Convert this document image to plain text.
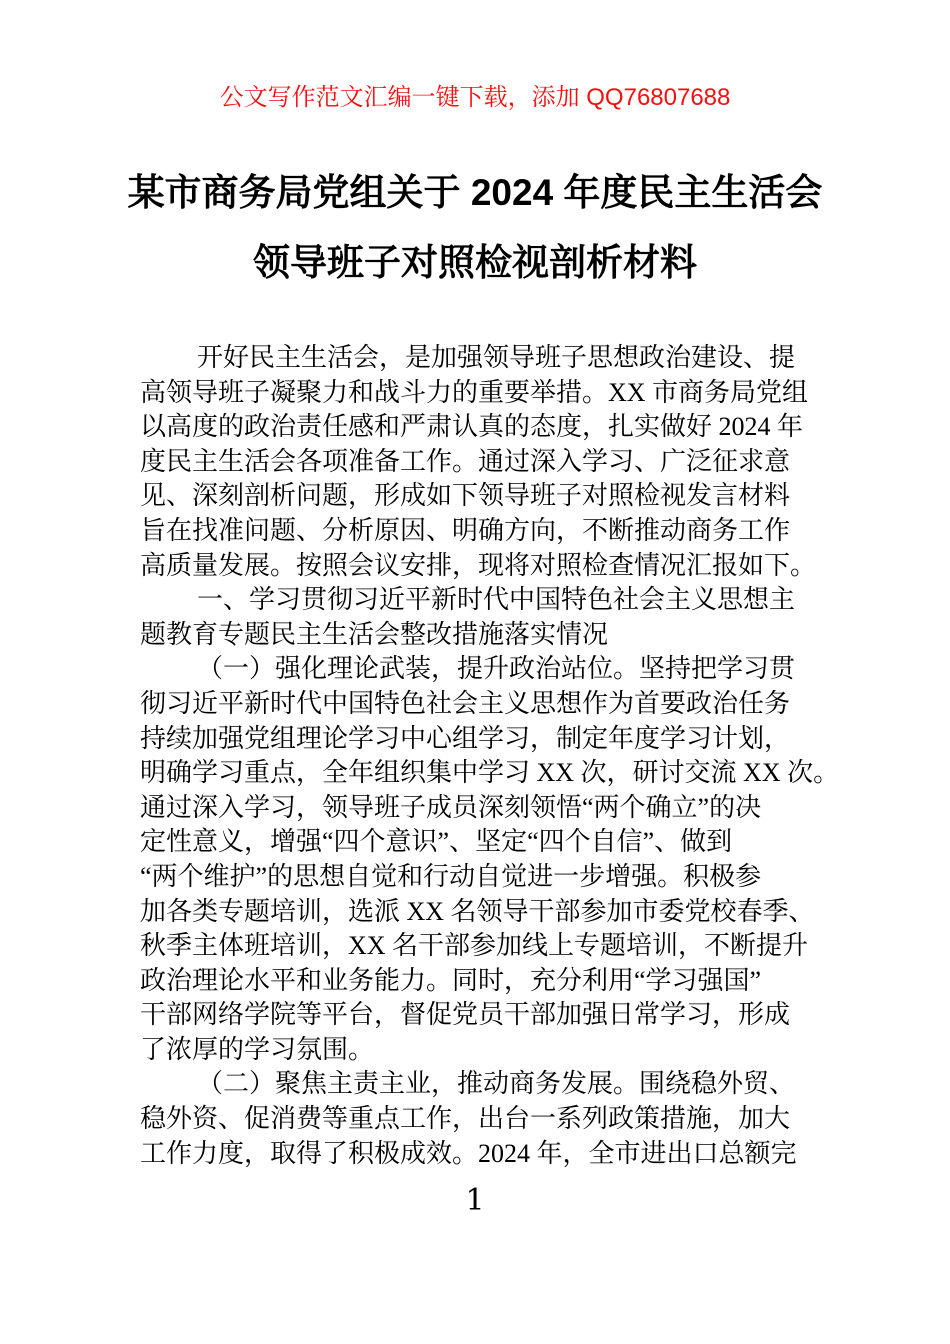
公文写作范文汇编一键下载，添加 QQ76807688
某市商务局党组关于 2024 年度民主生活会
领导班子对照检视剖析材料
开好民主生活会，是加强领导班子思想政治建设、提
高领导班子凝聚力和战斗力的重要举措。XX 市商务局党组
以高度的政治责任感和严肃认真的态度，扎实做好 2024 年
度民主生活会各项准备工作。通过深入学习、广泛征求意
见、深刻剖析问题，形成如下领导班子对照检视发言材料
旨在找准问题、分析原因、明确方向，不断推动商务工作
高质量发展。按照会议安排，现将对照检查情况汇报如下。
一、学习贯彻习近平新时代中国特色社会主义思想主
题教育专题民主生活会整改措施落实情况
（一）强化理论武装，提升政治站位。坚持把学习贯
彻习近平新时代中国特色社会主义思想作为首要政治任务
持续加强党组理论学习中心组学习，制定年度学习计划，
明确学习重点，全年组织集中学习 XX 次，研讨交流 XX 次。
通过深入学习，领导班子成员深刻领悟“两个确立”的决
定性意义，增强“四个意识”、坚定“四个自信”、做到
“两个维护”的思想自觉和行动自觉进一步增强。积极参
加各类专题培训，选派 XX 名领导干部参加市委党校春季、
秋季主体班培训，XX 名干部参加线上专题培训，不断提升
政治理论水平和业务能力。同时，充分利用“学习强国”
干部网络学院等平台，督促党员干部加强日常学习，形成
了浓厚的学习氛围。
（二）聚焦主责主业，推动商务发展。围绕稳外贸、
稳外资、促消费等重点工作，出台一系列政策措施，加大
工作力度，取得了积极成效。2024 年，全市进出口总额完
1
